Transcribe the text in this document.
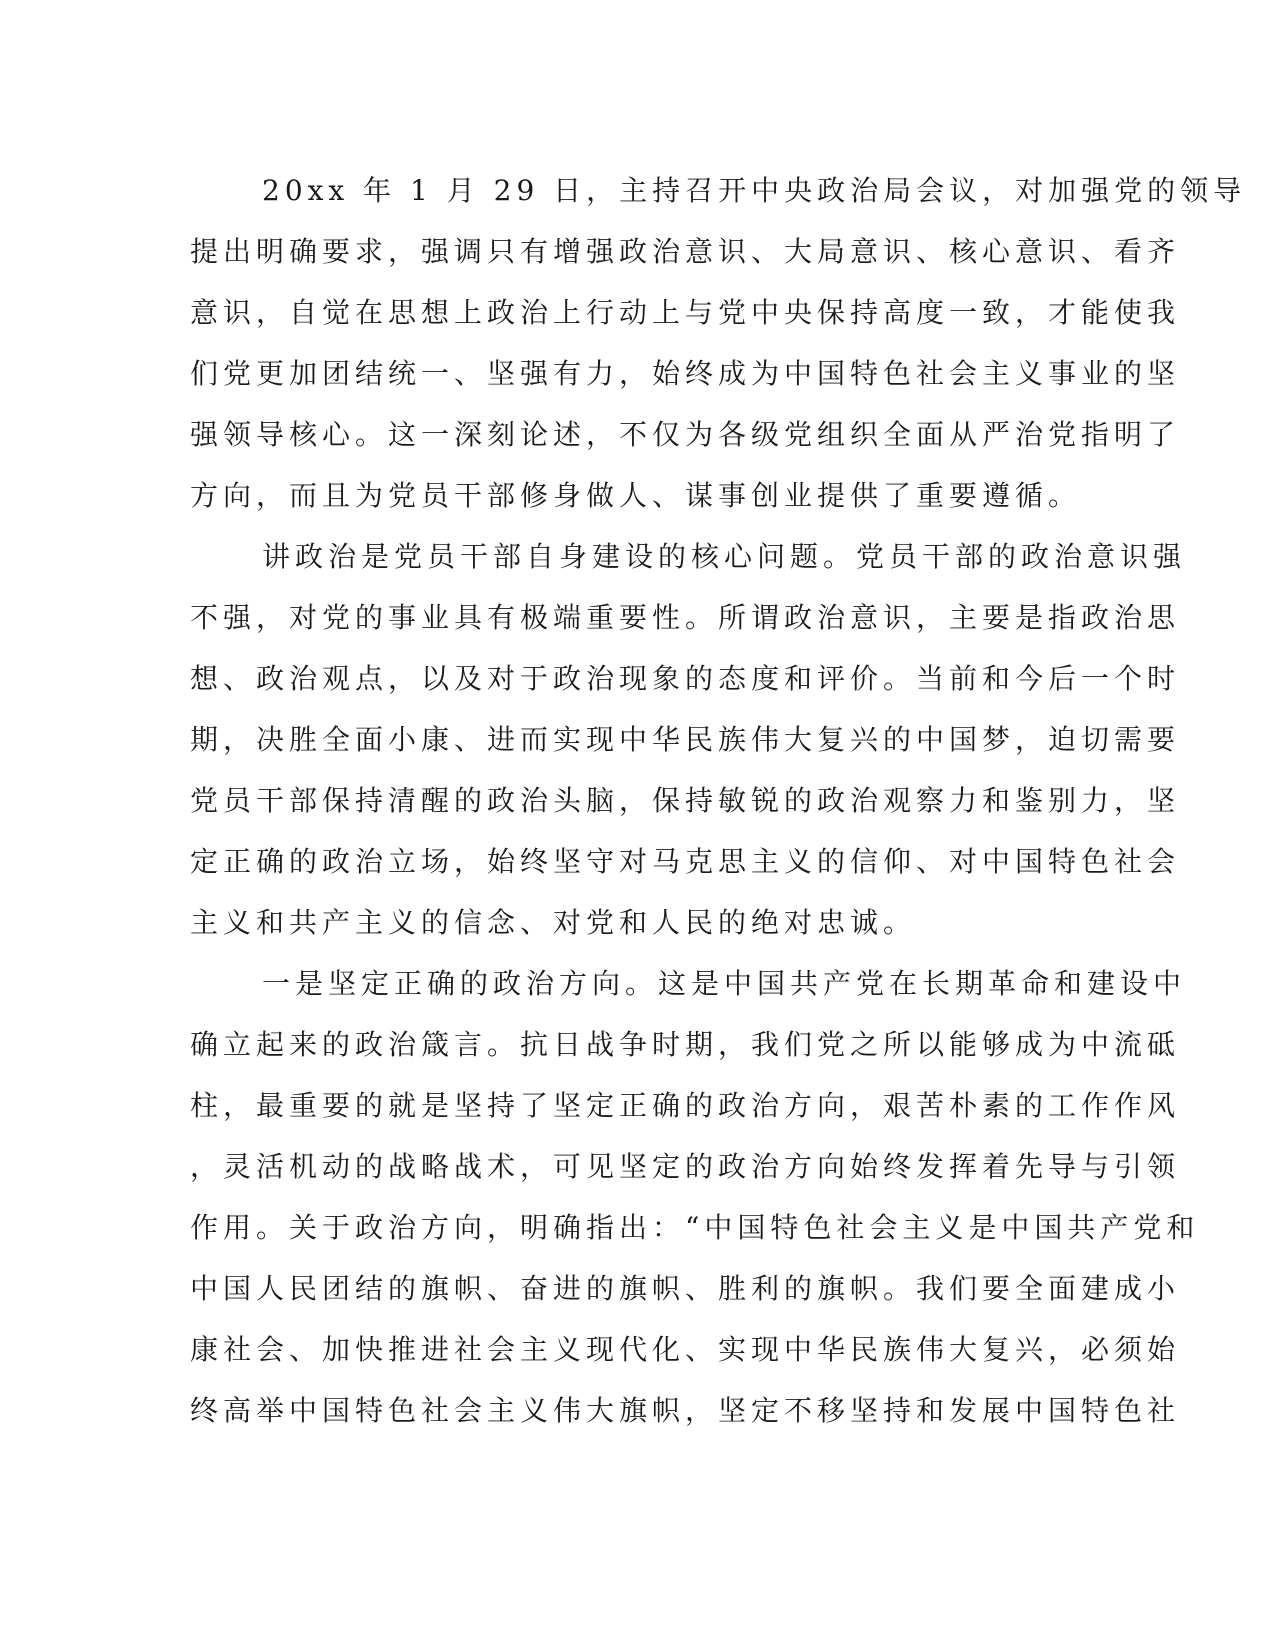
20xx 年 1 月 29 日，主持召开中央政治局会议，对加强党的领导
提出明确要求，强调只有增强政治意识、大局意识、核心意识、看齐
意识，自觉在思想上政治上行动上与党中央保持高度一致，才能使我
们党更加团结统一、坚强有力，始终成为中国特色社会主义事业的坚
强领导核心。这一深刻论述，不仅为各级党组织全面从严治党指明了
方向，而且为党员干部修身做人、谋事创业提供了重要遵循。
讲政治是党员干部自身建设的核心问题。党员干部的政治意识强
不强，对党的事业具有极端重要性。所谓政治意识，主要是指政治思
想、政治观点，以及对于政治现象的态度和评价。当前和今后一个时
期，决胜全面小康、进而实现中华民族伟大复兴的中国梦，迫切需要
党员干部保持清醒的政治头脑，保持敏锐的政治观察力和鉴别力，坚
定正确的政治立场，始终坚守对马克思主义的信仰、对中国特色社会
主义和共产主义的信念、对党和人民的绝对忠诚。
一是坚定正确的政治方向。这是中国共产党在长期革命和建设中
确立起来的政治箴言。抗日战争时期，我们党之所以能够成为中流砥
柱，最重要的就是坚持了坚定正确的政治方向，艰苦朴素的工作作风
，灵活机动的战略战术，可见坚定的政治方向始终发挥着先导与引领
作用。关于政治方向，明确指出：“中国特色社会主义是中国共产党和
中国人民团结的旗帜、奋进的旗帜、胜利的旗帜。我们要全面建成小
康社会、加快推进社会主义现代化、实现中华民族伟大复兴，必须始
终高举中国特色社会主义伟大旗帜，坚定不移坚持和发展中国特色社
